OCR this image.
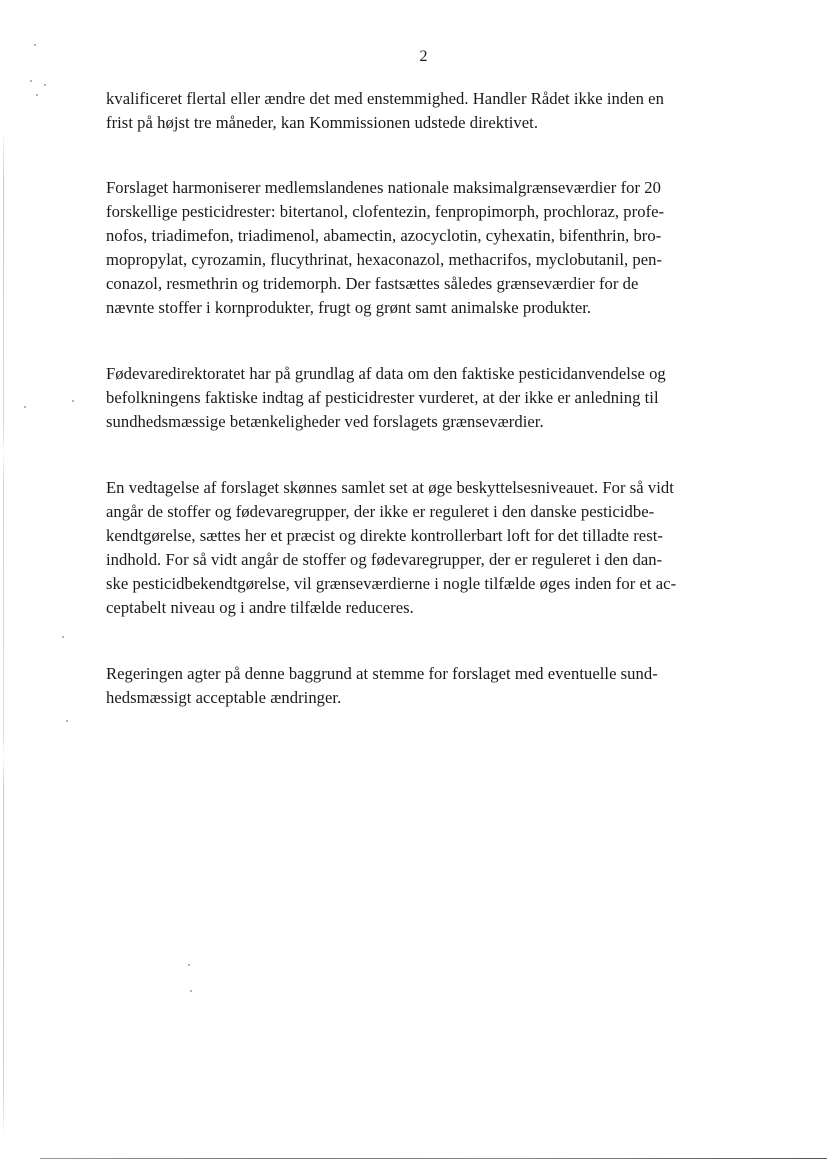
2

kvalificeret flertal eller ændre det med enstemmighed. Handler Rådet ikke inden en
frist på højst tre måneder, kan Kommissionen udstede direktivet.

Forslaget harmoniserer medlemslandenes nationale maksimalgrænseværdier for 20
forskellige pesticidrester: bitertanol, clofentezin, fenpropimorph, prochloraz, profe-
nofos, triadimefon, triadimenol, abamectin, azocyclotin, cyhexatin, bifenthrin, bro-
mopropylat, cyrozamin, flucythrinat, hexaconazol, methacrifos, myclobutanil, pen-
conazol, resmethrin og tridemorph. Der fastsættes således grænseværdier for de
nævnte stoffer i kornprodukter, frugt og grønt samt animalske produkter.

Fødevaredirektoratet har på grundlag af data om den faktiske pesticidanvendelse og
befolkningens faktiske indtag af pesticidrester vurderet, at der ikke er anledning til
sundhedsmæssige betænkeligheder ved forslagets grænseværdier.

En vedtagelse af forslaget skønnes samlet set at øge beskyttelsesniveauet. For så vidt
angår de stoffer og fødevaregrupper, der ikke er reguleret i den danske pesticidbe-
kendtgørelse, sættes her et præcist og direkte kontrollerbart loft for det tilladte rest-
indhold. For så vidt angår de stoffer og fødevaregrupper, der er reguleret i den dan-
ske pesticidbekendtgørelse, vil grænseværdierne i nogle tilfælde øges inden for et ac-
ceptabelt niveau og i andre tilfælde reduceres.

Regeringen agter på denne baggrund at stemme for forslaget med eventuelle sund-
hedsmæssigt acceptable ændringer.
